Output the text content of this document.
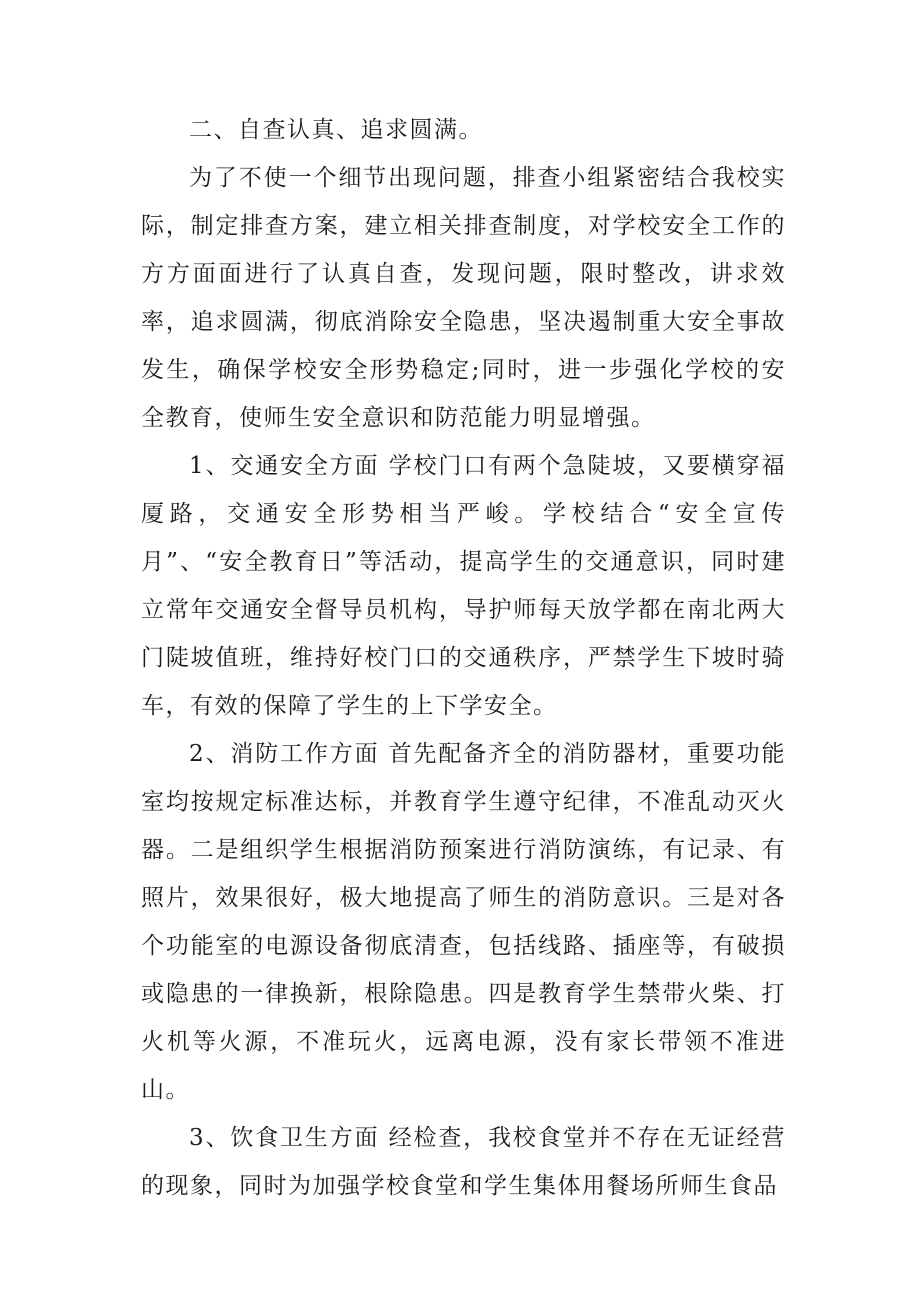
二、自查认真、追求圆满。

为了不使一个细节出现问题，排查小组紧密结合我校实际，制定排查方案，建立相关排查制度，对学校安全工作的方方面面进行了认真自查，发现问题，限时整改，讲求效率，追求圆满，彻底消除安全隐患，坚决遏制重大安全事故发生，确保学校安全形势稳定;同时，进一步强化学校的安全教育，使师生安全意识和防范能力明显增强。

1、交通安全方面 学校门口有两个急陡坡，又要横穿福厦路，交通安全形势相当严峻。学校结合“安全宣传月”、“安全教育日”等活动，提高学生的交通意识，同时建立常年交通安全督导员机构，导护师每天放学都在南北两大门陡坡值班，维持好校门口的交通秩序，严禁学生下坡时骑车，有效的保障了学生的上下学安全。

2、消防工作方面 首先配备齐全的消防器材，重要功能室均按规定标准达标，并教育学生遵守纪律，不准乱动灭火器。二是组织学生根据消防预案进行消防演练，有记录、有照片，效果很好，极大地提高了师生的消防意识。三是对各个功能室的电源设备彻底清查，包括线路、插座等，有破损或隐患的一律换新，根除隐患。四是教育学生禁带火柴、打火机等火源，不准玩火，远离电源，没有家长带领不准进山。

3、饮食卫生方面 经检查，我校食堂并不存在无证经营的现象，同时为加强学校食堂和学生集体用餐场所师生食品
